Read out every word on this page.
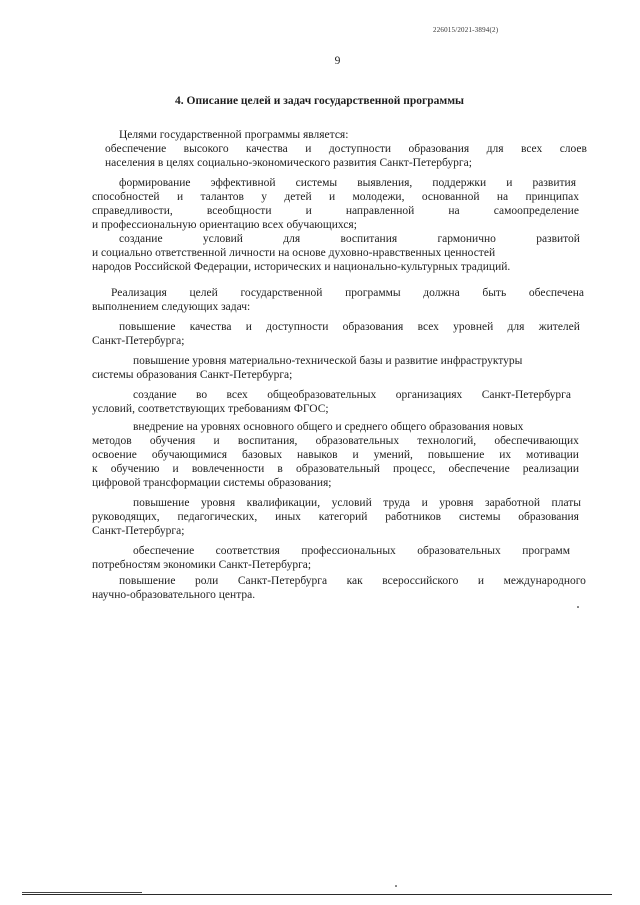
226015/2021-3894(2)
9
4. Описание целей и задач государственной программы
Целями государственной программы является:
обеспечение высокого качества и доступности образования для всех слоев
населения в целях социально-экономического развития Санкт-Петербурга;
формирование эффективной системы выявления, поддержки и развития
способностей и талантов у детей и молодежи, основанной на принципах
справедливости,	всеобщности	и	направленной	на	самоопределение
и профессиональную ориентацию всех обучающихся;
создание	условий	для	воспитания	гармонично	развитой
и социально ответственной личности на основе духовно-нравственных ценностей
народов Российской Федерации, исторических и национально-культурных традиций.
Реализация целей государственной программы должна быть обеспечена
выполнением следующих задач:
повышение качества и доступности образования всех уровней для жителей
Санкт-Петербурга;
повышение уровня материально-технической базы и развитие инфраструктуры
системы образования Санкт-Петербурга;
создание во всех общеобразовательных организациях Санкт-Петербурга
условий, соответствующих требованиям ФГОС;
внедрение на уровнях основного общего и среднего общего образования новых
методов обучения и воспитания, образовательных технологий, обеспечивающих
освоение обучающимися базовых навыков и умений, повышение их мотивации
к обучению и вовлеченности в образовательный процесс, обеспечение реализации
цифровой трансформации системы образования;
повышение уровня квалификации, условий труда и уровня заработной платы
руководящих, педагогических, иных категорий работников системы образования
Санкт-Петербурга;
обеспечение соответствия профессиональных образовательных программ
потребностям экономики Санкт-Петербурга;
повышение роли Санкт-Петербурга как всероссийского и международного
научно-образовательного центра.
